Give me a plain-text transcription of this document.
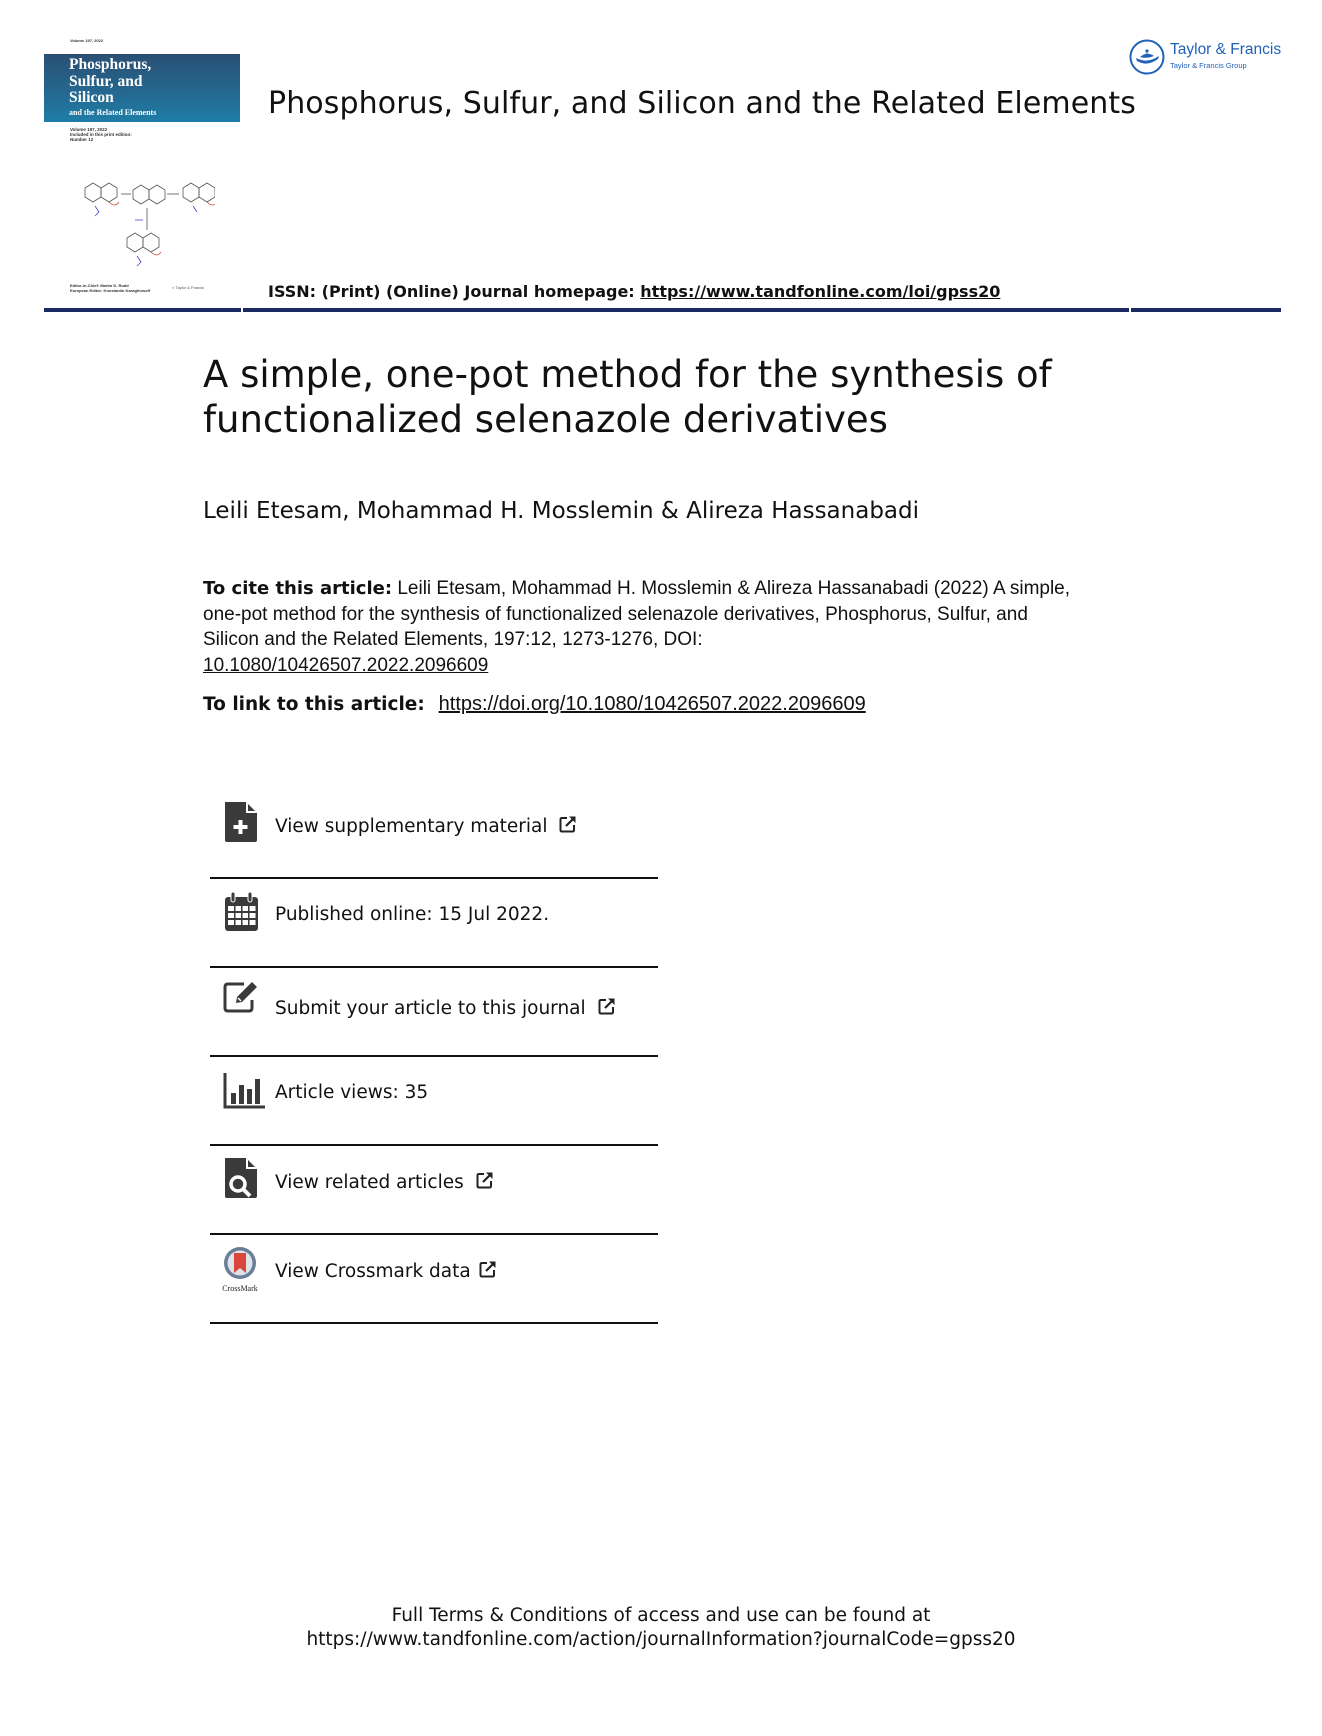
Volume 197, 2022
Phosphorus,
Sulfur, and
Silicon
and the Related Elements
Volume 197, 2022
Included in this print edition:
Number 12
Editor-in-Chief: Martin D. Rudd
European Editor: Konstantin Karaghiosoff
◐ Taylor & Francis
Phosphorus, Sulfur, and Silicon and the Related Elements
Taylor & Francis
Taylor & Francis Group
ISSN: (Print) (Online) Journal homepage: https://www.tandfonline.com/loi/gpss20
A simple, one-pot method for the synthesis of functionalized selenazole derivatives
Leili Etesam, Mohammad H. Mosslemin & Alireza Hassanabadi
To cite this article: Leili Etesam, Mohammad H. Mosslemin & Alireza Hassanabadi (2022) A simple, one-pot method for the synthesis of functionalized selenazole derivatives, Phosphorus, Sulfur, and Silicon and the Related Elements, 197:12, 1273-1276, DOI:
10.1080/10426507.2022.2096609
To link to this article: https://doi.org/10.1080/10426507.2022.2096609
View supplementary material
Published online: 15 Jul 2022.
Submit your article to this journal
Article views: 35
View related articles
CrossMark
View Crossmark data
Full Terms & Conditions of access and use can be found at
https://www.tandfonline.com/action/journalInformation?journalCode=gpss20
